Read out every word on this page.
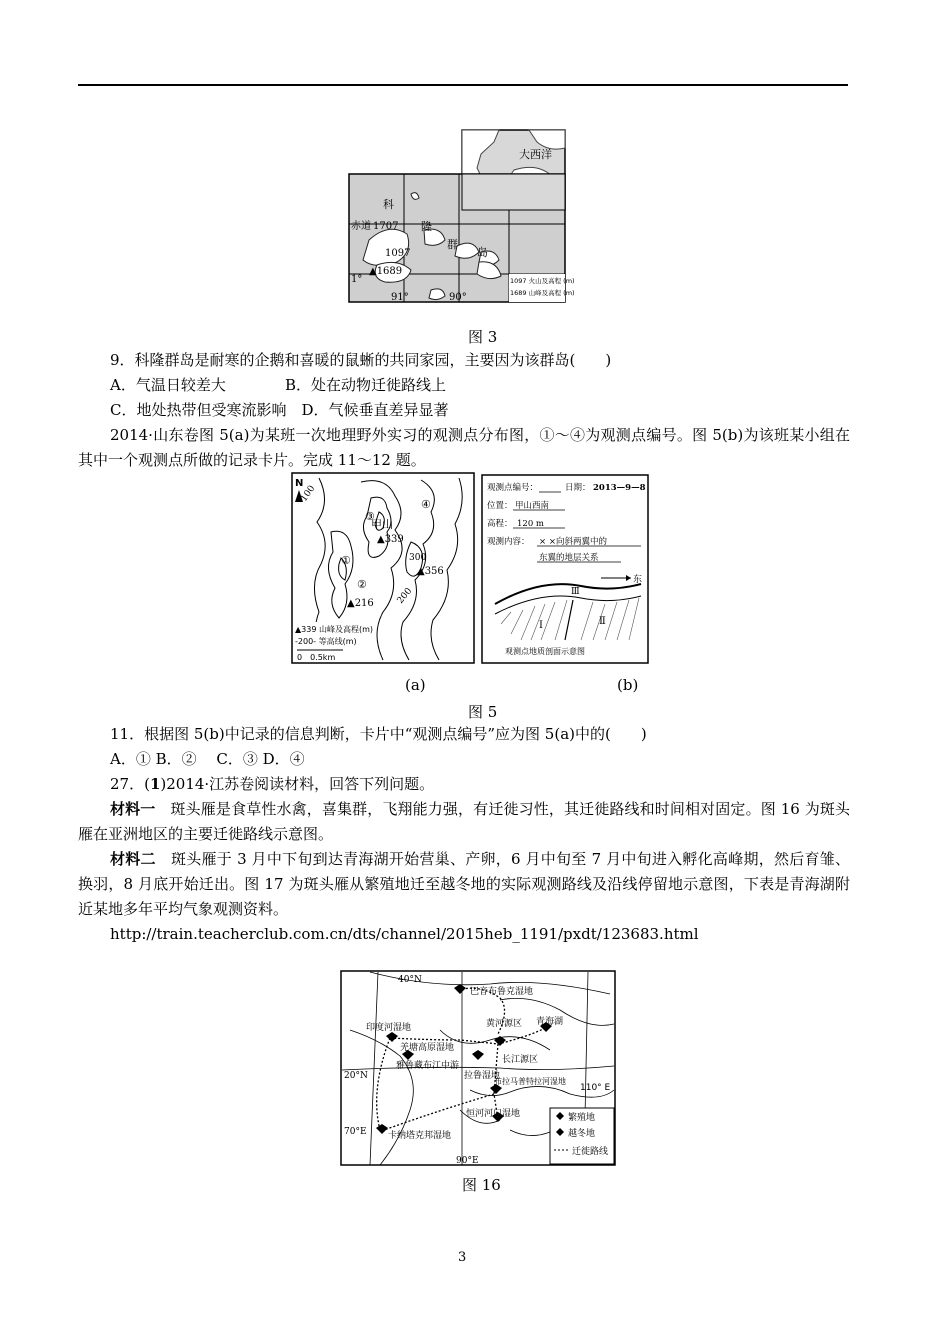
大西洋
科
隆
群
岛
赤道 1707
1097
▲1689
1°
91°	90°
1097 火山及高程 (m)
1689 山峰及高程 (m)
图 3
9．科隆群岛是耐寒的企鹅和喜暖的鼠蜥的共同家园，主要因为该群岛(　　)
A．气温日较差大	B．处在动物迁徙路线上
C．地处热带但受寒流影响　D．气候垂直差异显著
2014·山东卷图 5(a)为某班一次地理野外实习的观测点分布图，①～④为观测点编号。图 5(b)为该班某小组在其中一个观测点所做的记录卡片。完成 11～12 题。
N
100
300
200
甲山
▲339
▲356
▲216
①
②
③
④
▲339 山峰及高程(m)
-200- 等高线(m)
0　0.5km
观测点编号：	日期： 2013—9—8
位置： 甲山西南
高程： 120 m
观测内容： × ×向斜两翼中的
东翼的地层关系
东
Ⅰ	Ⅱ
Ⅲ
观测点地质剖面示意图
(a)	(b)
图 5
11．根据图 5(b)中记录的信息判断，卡片中“观测点编号”应为图 5(a)中的(　　)
A．① B．②　 C．③ D．④
27．(1)2014·江苏卷阅读材料，回答下列问题。
材料一　斑头雁是食草性水禽，喜集群，飞翔能力强，有迁徙习性，其迁徙路线和时间相对固定。图 16 为斑头雁在亚洲地区的主要迁徙路线示意图。
材料二　斑头雁于 3 月中下旬到达青海湖开始营巢、产卵，6 月中旬至 7 月中旬进入孵化高峰期，然后育雏、换羽，8 月底开始迁出。图 17 为斑头雁从繁殖地迁至越冬地的实际观测路线及沿线停留地示意图，下表是青海湖附近某地多年平均气象观测资料。
http://train.teacherclub.com.cn/dts/channel/2015heb_1191/pxdt/123683.html
40°N
20°N
70°E
90°E
110° E
巴音布鲁克湿地
印度河湿地
羌塘高原湿地
黄河源区 青海湖
长江源区
雅鲁藏布江中游
拉鲁湿地
布拉马普特拉河湿地
恒河河口湿地
卡纳塔克邦湿地
繁殖地
越冬地
迁徙路线
图 16
3
